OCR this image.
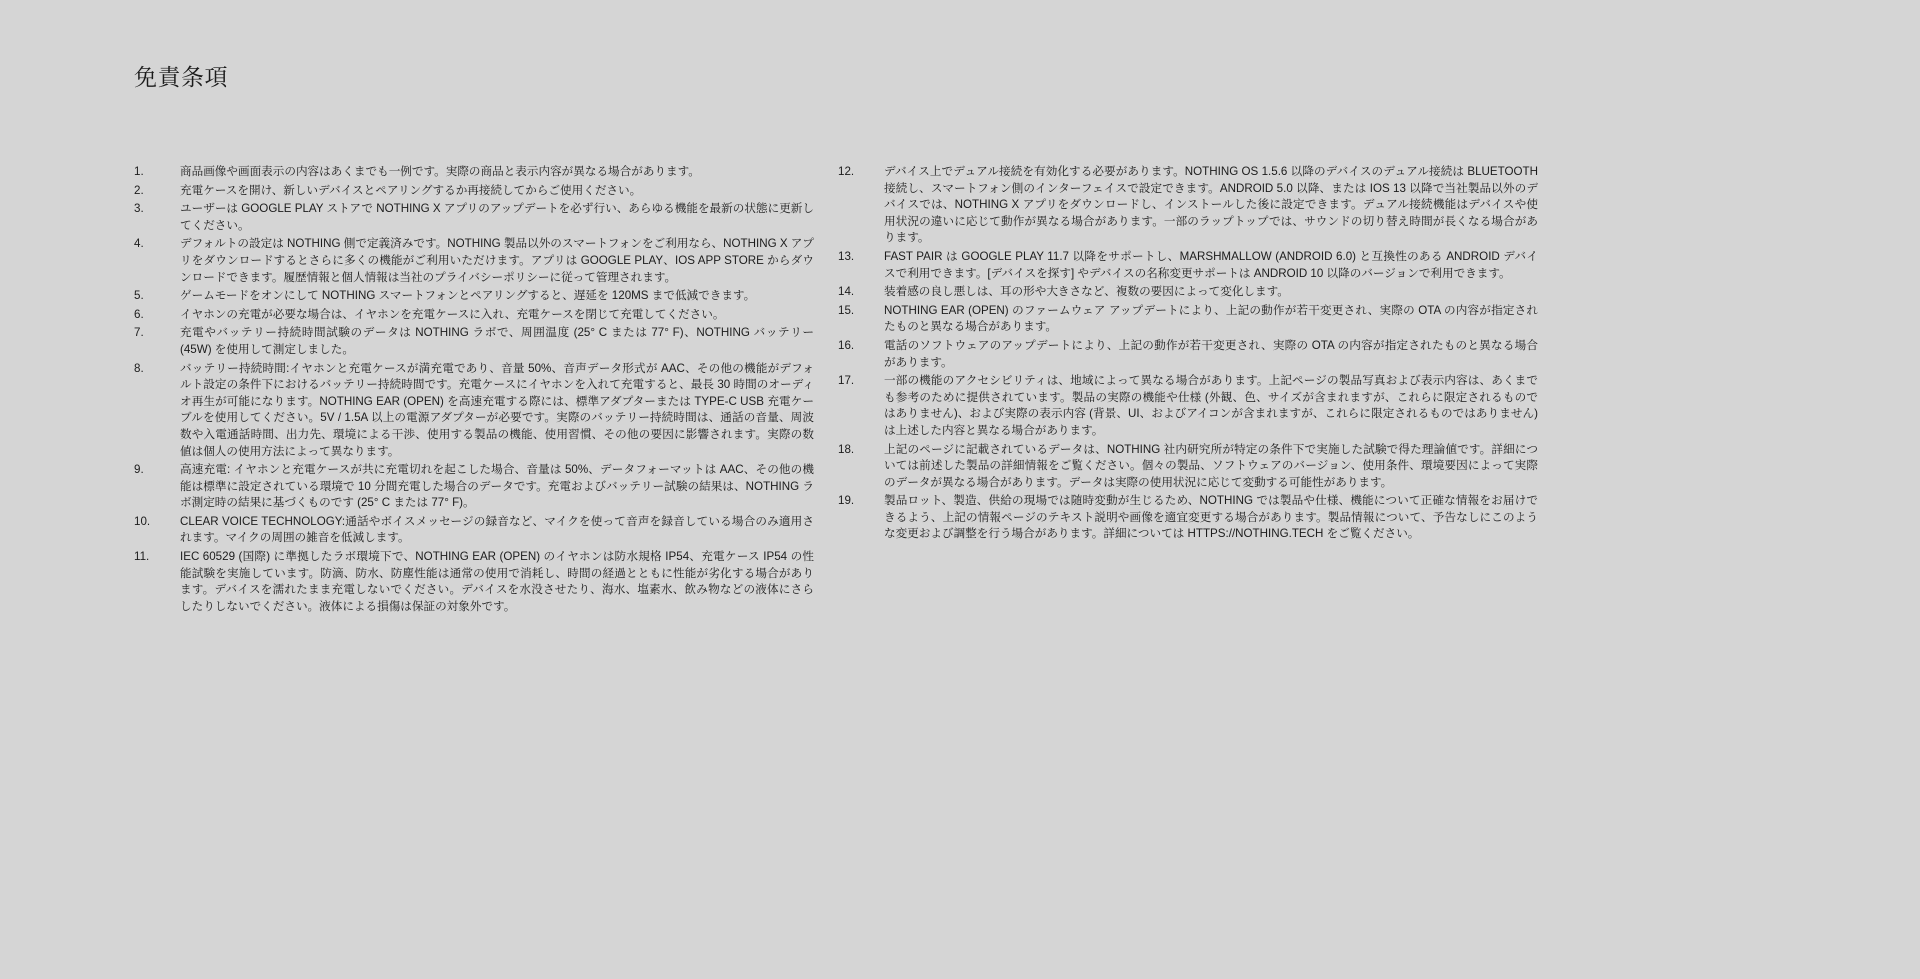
免責条項
1.	商品画像や画面表示の内容はあくまでも一例です。実際の商品と表示内容が異なる場合があります。
2.	充電ケースを開け、新しいデバイスとペアリングするか再接続してからご使用ください。
3.	ユーザーは GOOGLE PLAY ストアで NOTHING X アプリのアップデートを必ず行い、あらゆる機能を最新の状態に更新してください。
4.	デフォルトの設定は NOTHING 側で定義済みです。NOTHING 製品以外のスマートフォンをご利用なら、NOTHING X アプリをダウンロードするとさらに多くの機能がご利用いただけます。アプリは GOOGLE PLAY、IOS APP STORE からダウンロードできます。履歴情報と個人情報は当社のプライバシーポリシーに従って管理されます。
5.	ゲームモードをオンにして NOTHING スマートフォンとペアリングすると、遅延を 120MS まで低減できます。
6.	イヤホンの充電が必要な場合は、イヤホンを充電ケースに入れ、充電ケースを閉じて充電してください。
7.	充電やバッテリー持続時間試験のデータは NOTHING ラボで、周囲温度 (25° C または 77° F)、NOTHING バッテリー (45W) を使用して測定しました。
8.	バッテリー持続時間:イヤホンと充電ケースが満充電であり、音量 50%、音声データ形式が AAC、その他の機能がデフォルト設定の条件下におけるバッテリー持続時間です。充電ケースにイヤホンを入れて充電すると、最長 30 時間のオーディオ再生が可能になります。NOTHING EAR (OPEN) を高速充電する際には、標準アダプターまたは TYPE-C USB 充電ケーブルを使用してください。5V / 1.5A 以上の電源アダプターが必要です。実際のバッテリー持続時間は、通話の音量、周波数や入電通話時間、出力先、環境による干渉、使用する製品の機能、使用習慣、その他の要因に影響されます。実際の数値は個人の使用方法によって異なります。
9.	高速充電: イヤホンと充電ケースが共に充電切れを起こした場合、音量は 50%、データフォーマットは AAC、その他の機能は標準に設定されている環境で 10 分間充電した場合のデータです。充電およびバッテリー試験の結果は、NOTHING ラボ測定時の結果に基づくものです (25° C または 77° F)。
10.	CLEAR VOICE TECHNOLOGY:通話やボイスメッセージの録音など、マイクを使って音声を録音している場合のみ適用されます。マイクの周囲の雑音を低減します。
11.	IEC 60529 (国際) に準拠したラボ環境下で、NOTHING EAR (OPEN) のイヤホンは防水規格 IP54、充電ケース IP54 の性能試験を実施しています。防滴、防水、防塵性能は通常の使用で消耗し、時間の経過とともに性能が劣化する場合があります。デバイスを濡れたまま充電しないでください。デバイスを水没させたり、海水、塩素水、飲み物などの液体にさらしたりしないでください。液体による損傷は保証の対象外です。
12.	デバイス上でデュアル接続を有効化する必要があります。NOTHING OS 1.5.6 以降のデバイスのデュアル接続は BLUETOOTH 接続し、スマートフォン側のインターフェイスで設定できます。ANDROID 5.0 以降、または IOS 13 以降で当社製品以外のデバイスでは、NOTHING X アプリをダウンロードし、インストールした後に設定できます。デュアル接続機能はデバイスや使用状況の違いに応じて動作が異なる場合があります。一部のラップトップでは、サウンドの切り替え時間が長くなる場合があります。
13.	FAST PAIR は GOOGLE PLAY 11.7 以降をサポートし、MARSHMALLOW (ANDROID 6.0) と互換性のある ANDROID デバイスで利用できます。[デバイスを探す] やデバイスの名称変更サポートは ANDROID 10 以降のバージョンで利用できます。
14.	装着感の良し悪しは、耳の形や大きさなど、複数の要因によって変化します。
15.	NOTHING EAR (OPEN) のファームウェア アップデートにより、上記の動作が若干変更され、実際の OTA の内容が指定されたものと異なる場合があります。
16.	電話のソフトウェアのアップデートにより、上記の動作が若干変更され、実際の OTA の内容が指定されたものと異なる場合があります。
17.	一部の機能のアクセシビリティは、地域によって異なる場合があります。上記ページの製品写真および表示内容は、あくまでも参考のために提供されています。製品の実際の機能や仕様 (外観、色、サイズが含まれますが、これらに限定されるものではありません)、および実際の表示内容 (背景、UI、およびアイコンが含まれますが、これらに限定されるものではありません) は上述した内容と異なる場合があります。
18.	上記のページに記載されているデータは、NOTHING 社内研究所が特定の条件下で実施した試験で得た理論値です。詳細については前述した製品の詳細情報をご覧ください。個々の製品、ソフトウェアのバージョン、使用条件、環境要因によって実際のデータが異なる場合があります。データは実際の使用状況に応じて変動する可能性があります。
19.	製品ロット、製造、供給の現場では随時変動が生じるため、NOTHING では製品や仕様、機能について正確な情報をお届けできるよう、上記の情報ページのテキスト説明や画像を適宜変更する場合があります。製品情報について、予告なしにこのような変更および調整を行う場合があります。詳細については HTTPS://NOTHING.TECH をご覧ください。
